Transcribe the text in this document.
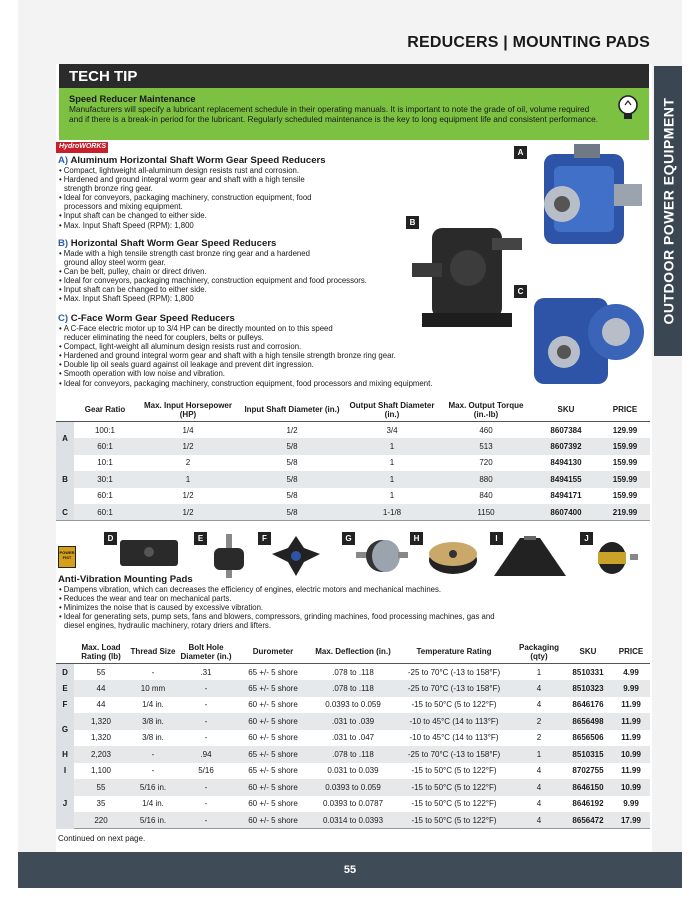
REDUCERS | MOUNTING PADS
OUTDOOR POWER EQUIPMENT
TECH TIP
Speed Reducer Maintenance
Manufacturers will specify a lubricant replacement schedule in their operating manuals. It is important to note the grade of oil, volume required and if there is a break-in period for the lubricant. Regularly scheduled maintenance is the key to long equipment life and consistent performance.
HydroWORKS
A) Aluminum Horizontal Shaft Worm Gear Speed Reducers
• Compact, lightweight all-aluminum design resists rust and corrosion.
• Hardened and ground integral worm gear and shaft with a high tensile strength bronze ring gear.
• Ideal for conveyors, packaging machinery, construction equipment, food processors and mixing equipment.
• Input shaft can be changed to either side.
• Max. Input Shaft Speed (RPM): 1,800
B) Horizontal Shaft Worm Gear Speed Reducers
• Made with a high tensile strength cast bronze ring gear and a hardened ground alloy steel worm gear.
• Can be belt, pulley, chain or direct driven.
• Ideal for conveyors, packaging machinery, construction equipment and food processors.
• Input shaft can be changed to either side.
• Max. Input Shaft Speed (RPM): 1,800
C) C-Face Worm Gear Speed Reducers
• A C-Face electric motor up to 3/4 HP can be directly mounted on to this speed reducer eliminating the need for couplers, belts or pulleys.
• Compact, light-weight all aluminum design resists rust and corrosion.
• Hardened and ground integral worm gear and shaft with a high tensile strength bronze ring gear.
• Double lip oil seals guard against oil leakage and prevent dirt ingression.
• Smooth operation with low noise and vibration.
• Ideal for conveyors, packaging machinery, construction equipment, food processors and mixing equipment.
A
B
C
	Gear Ratio	Max. Input Horsepower (HP)	Input Shaft Diameter (in.)	Output Shaft Diameter (in.)	Max. Output Torque (in.-lb)	SKU	PRICE
A	100:1	1/4	1/2	3/4	460	8607384	129.99
	60:1	1/2	5/8	1	513	8607392	159.99
B	10:1	2	5/8	1	720	8494130	159.99
	30:1	1	5/8	1	880	8494155	159.99
	60:1	1/2	5/8	1	840	8494171	159.99
C	60:1	1/2	5/8	1-1/8	1150	8607400	219.99
D	E	F	G	H	I	J
POWER FIST
Anti-Vibration Mounting Pads
• Dampens vibration, which can decreases the efficiency of engines, electric motors and mechanical machines.
• Reduces the wear and tear on mechanical parts.
• Minimizes the noise that is caused by excessive vibration.
• Ideal for generating sets, pump sets, fans and blowers, compressors, grinding machines, food processing machines, gas and diesel engines, hydraulic machinery, rotary driers and lifters.
	Max. Load Rating (lb)	Thread Size	Bolt Hole Diameter (in.)	Durometer	Max. Deflection (in.)	Temperature Rating	Packaging (qty)	SKU	PRICE
D	55	-	.31	65 +/- 5 shore	.078 to .118	-25 to 70°C (-13 to 158°F)	1	8510331	4.99
E	44	10 mm	-	65 +/- 5 shore	.078 to .118	-25 to 70°C (-13 to 158°F)	4	8510323	9.99
F	44	1/4 in.	-	60 +/- 5 shore	0.0393 to 0.059	-15 to 50°C (5 to 122°F)	4	8646176	11.99
G	1,320	3/8 in.	-	60 +/- 5 shore	.031 to .039	-10 to 45°C (14 to 113°F)	2	8656498	11.99
	1,320	3/8 in.	-	60 +/- 5 shore	.031 to .047	-10 to 45°C (14 to 113°F)	2	8656506	11.99
H	2,203	-	.94	65 +/- 5 shore	.078 to .118	-25 to 70°C (-13 to 158°F)	1	8510315	10.99
I	1,100	-	5/16	65 +/- 5 shore	0.031 to 0.039	-15 to 50°C (5 to 122°F)	4	8702755	11.99
J	55	5/16 in.	-	60 +/- 5 shore	0.0393 to 0.059	-15 to 50°C (5 to 122°F)	4	8646150	10.99
	35	1/4 in.	-	60 +/- 5 shore	0.0393 to 0.0787	-15 to 50°C (5 to 122°F)	4	8646192	9.99
	220	5/16 in.	-	60 +/- 5 shore	0.0314 to 0.0393	-15 to 50°C (5 to 122°F)	4	8656472	17.99
Continued on next page.
55
